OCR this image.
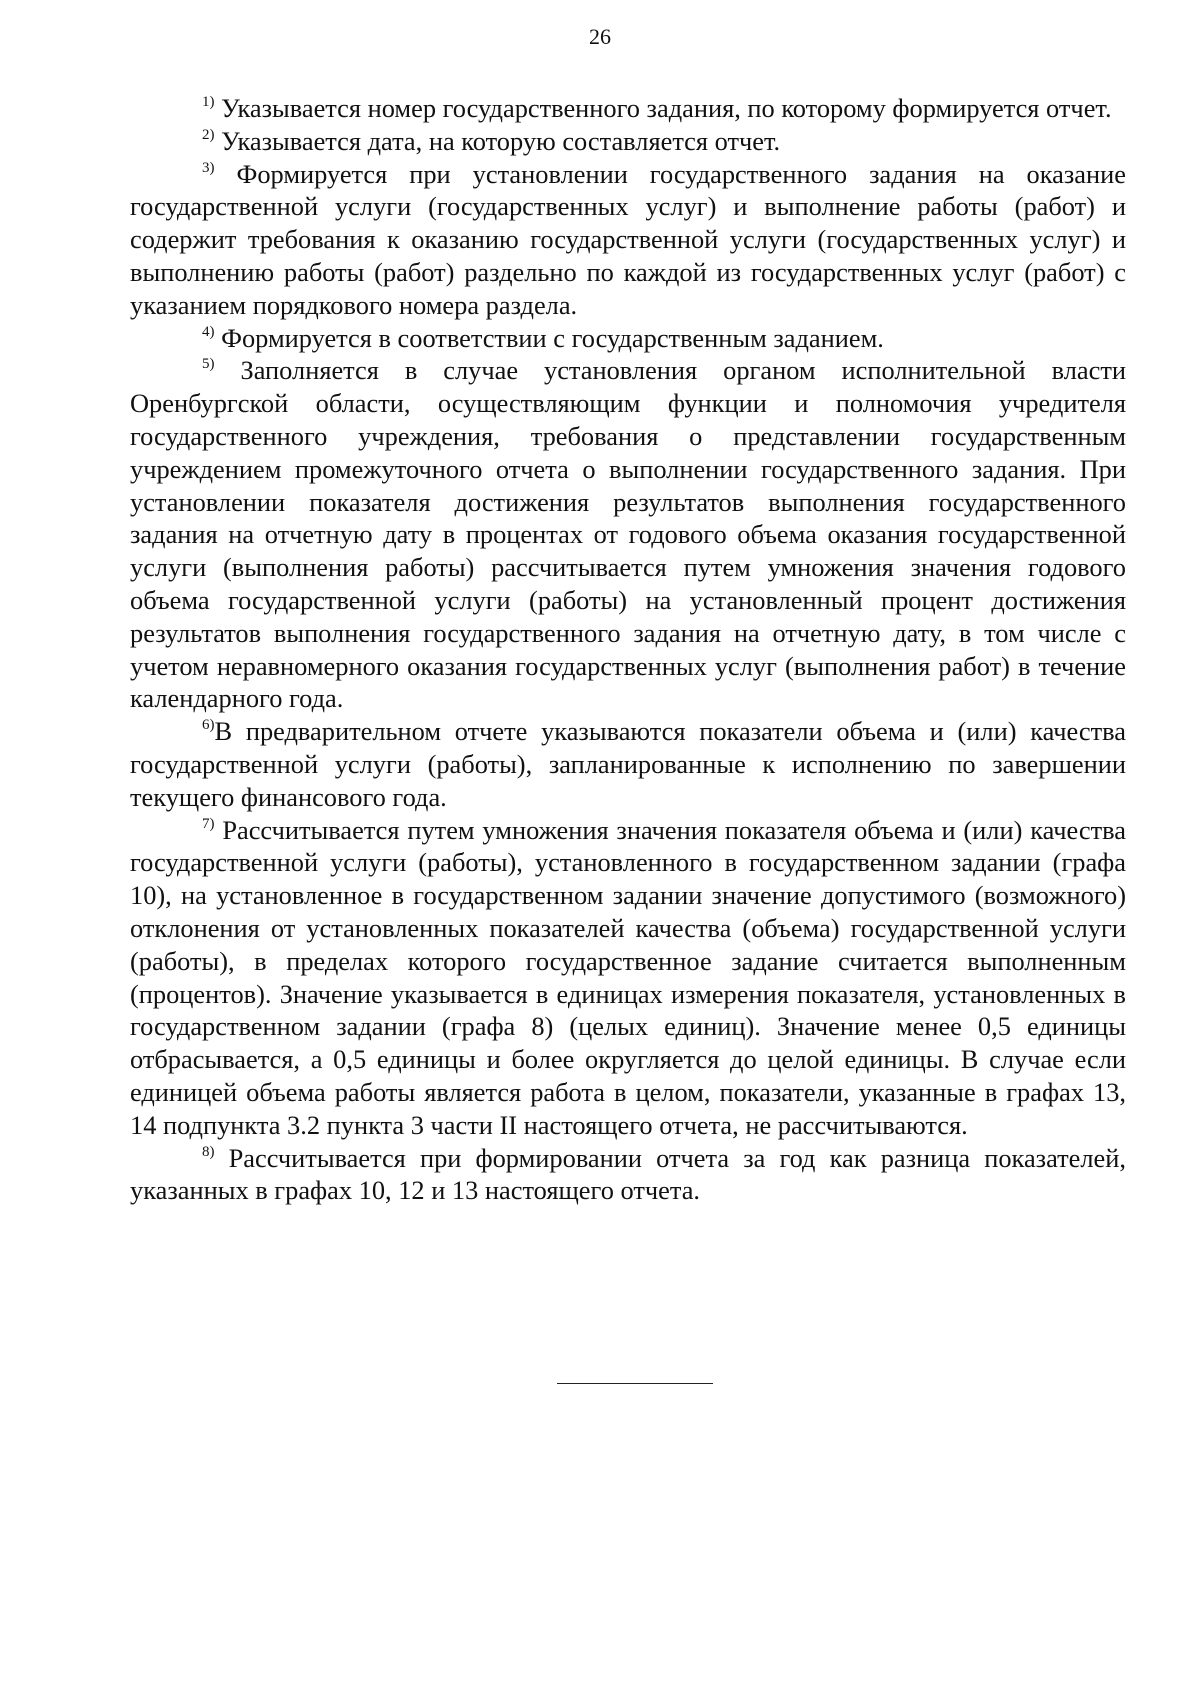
26

$^{1)}$ Указывается номер государственного задания, по которому формируется отчет.

$^{2)}$ Указывается дата, на которую составляется отчет.

$^{3)}$ Формируется при установлении государственного задания на оказание государственной услуги (государственных услуг) и выполнение работы (работ) и содержит требования к оказанию государственной услуги (государственных услуг) и выполнению работы (работ) раздельно по каждой из государственных услуг (работ) с указанием порядкового номера раздела.

$^{4)}$ Формируется в соответствии с государственным заданием.

$^{5)}$ Заполняется в случае установления органом исполнительной власти Оренбургской области, осуществляющим функции и полномочия учредителя государственного учреждения, требования о представлении государственным учреждением промежуточного отчета о выполнении государственного задания. При установлении показателя достижения результатов выполнения государственного задания на отчетную дату в процентах от годового объема оказания государственной услуги (выполнения работы) рассчитывается путем умножения значения годового объема государственной услуги (работы) на установленный процент достижения результатов выполнения государственного задания на отчетную дату, в том числе с учетом неравномерного оказания государственных услуг (выполнения работ) в течение календарного года.

$^{6)}$В предварительном отчете указываются показатели объема и (или) качества государственной услуги (работы), запланированные к исполнению по завершении текущего финансового года.

$^{7)}$ Рассчитывается путем умножения значения показателя объема и (или) качества государственной услуги (работы), установленного в государственном задании (графа 10), на установленное в государственном задании значение допустимого (возможного) отклонения от установленных показателей качества (объема) государственной услуги (работы), в пределах которого государственное задание считается выполненным (процентов). Значение указывается в единицах измерения показателя, установленных в государственном задании (графа 8) (целых единиц). Значение менее 0,5 единицы отбрасывается, а 0,5 единицы и более округляется до целой единицы. В случае если единицей объема работы является работа в целом, показатели, указанные в графах 13, 14 подпункта 3.2 пункта 3 части II настоящего отчета, не рассчитываются.

$^{8)}$ Рассчитывается при формировании отчета за год как разница показателей, указанных в графах 10, 12 и 13 настоящего отчета.
